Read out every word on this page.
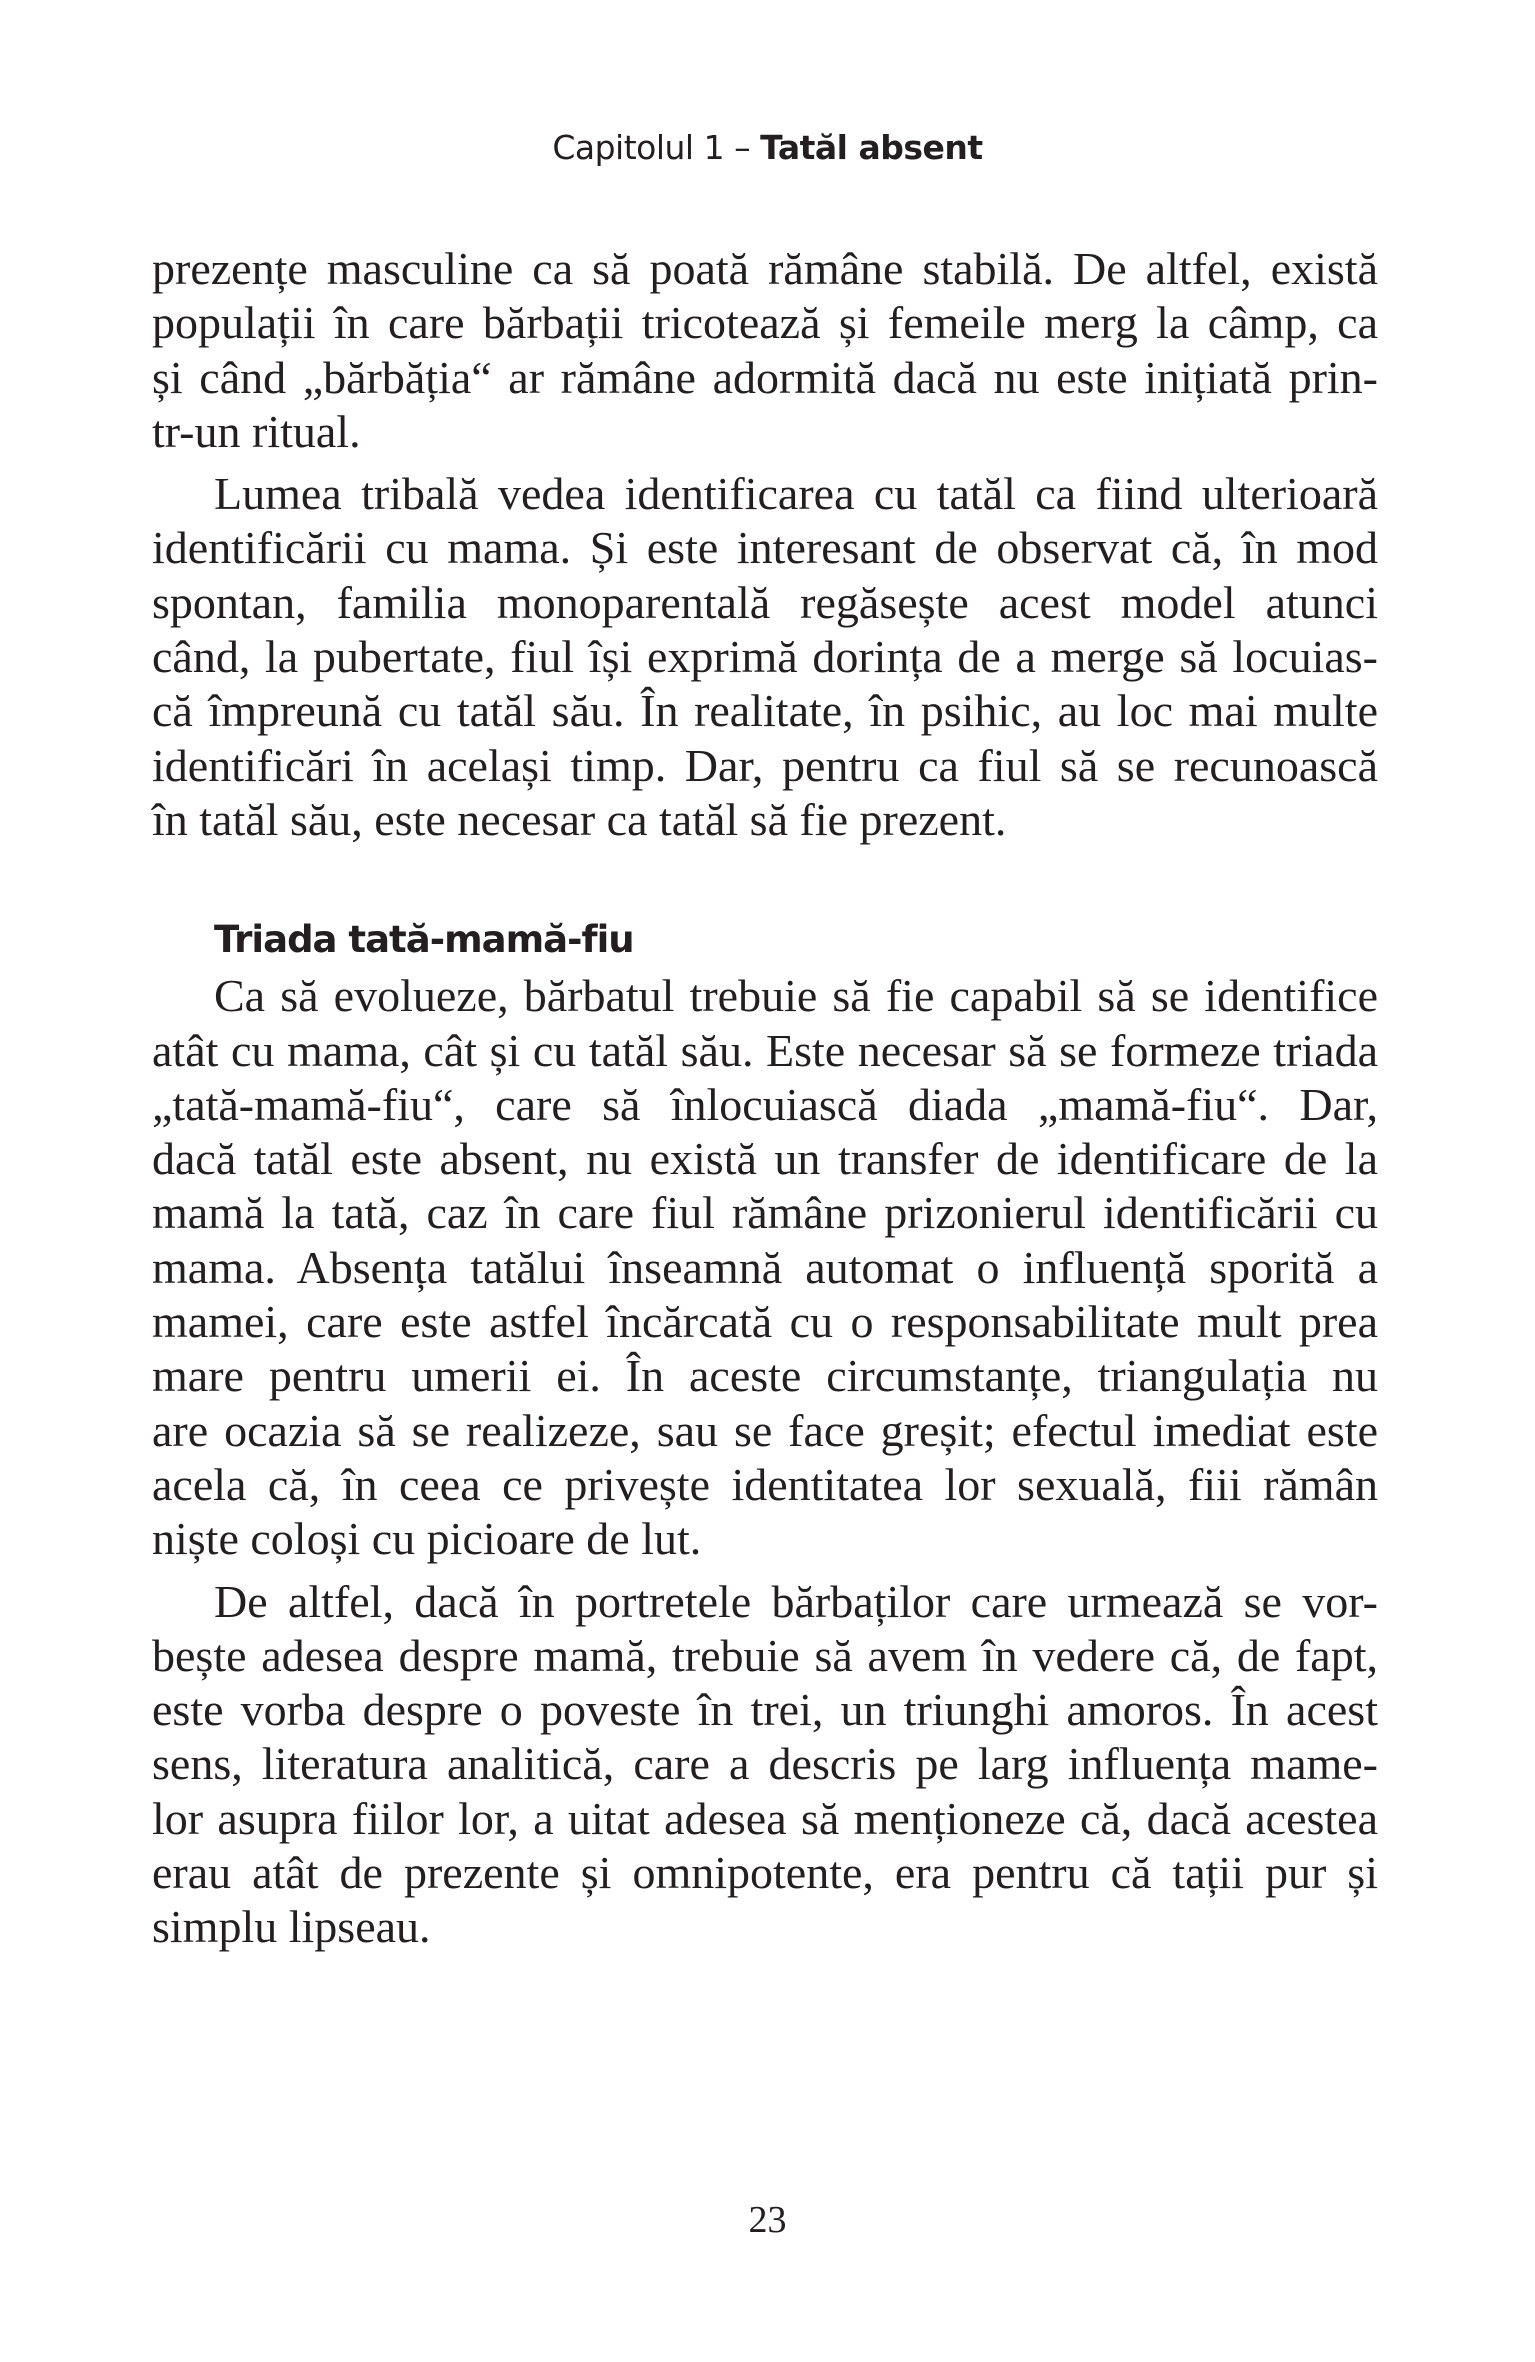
Capitolul 1 – Tatăl absent
prezențe masculine ca să poată rămâne stabilă. De altfel, există
populații în care bărbații tricotează și femeile merg la câmp, ca
și când „bărbăția“ ar rămâne adormită dacă nu este inițiată prin-
tr-un ritual.
Lumea tribală vedea identificarea cu tatăl ca fiind ulterioară
identificării cu mama. Și este interesant de observat că, în mod
spontan, familia monoparentală regăsește acest model atunci
când, la pubertate, fiul își exprimă dorința de a merge să locuias-
că împreună cu tatăl său. În realitate, în psihic, au loc mai multe
identificări în același timp. Dar, pentru ca fiul să se recunoască
în tatăl său, este necesar ca tatăl să fie prezent.
Triada tată-mamă-fiu
Ca să evolueze, bărbatul trebuie să fie capabil să se identifice
atât cu mama, cât și cu tatăl său. Este necesar să se formeze triada
„tată-mamă-fiu“, care să înlocuiască diada „mamă-fiu“. Dar,
dacă tatăl este absent, nu există un transfer de identificare de la
mamă la tată, caz în care fiul rămâne prizonierul identificării cu
mama. Absența tatălui înseamnă automat o influență sporită a
mamei, care este astfel încărcată cu o responsabilitate mult prea
mare pentru umerii ei. În aceste circumstanțe, triangulația nu
are ocazia să se realizeze, sau se face greșit; efectul imediat este
acela că, în ceea ce privește identitatea lor sexuală, fiii rămân
niște coloși cu picioare de lut.
De altfel, dacă în portretele bărbaților care urmează se vor-
bește adesea despre mamă, trebuie să avem în vedere că, de fapt,
este vorba despre o poveste în trei, un triunghi amoros. În acest
sens, literatura analitică, care a descris pe larg influența mame-
lor asupra fiilor lor, a uitat adesea să menționeze că, dacă acestea
erau atât de prezente și omnipotente, era pentru că tații pur și
simplu lipseau.
23
